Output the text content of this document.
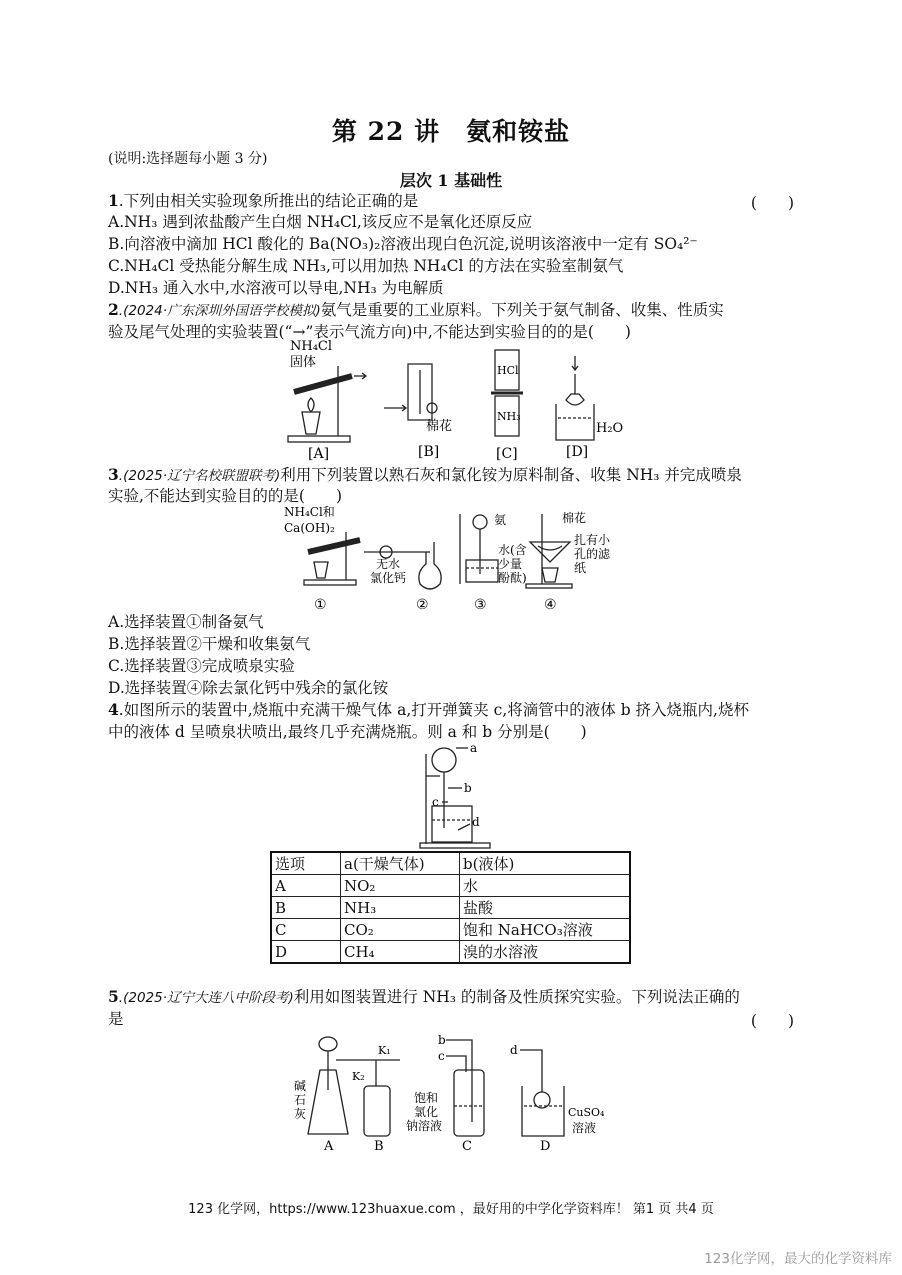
第 22 讲　氨和铵盐
(说明:选择题每小题 3 分)
层次 1 基础性
1.下列由相关实验现象所推出的结论正确的是	(　　)
A.NH₃ 遇到浓盐酸产生白烟 NH₄Cl,该反应不是氧化还原反应
B.向溶液中滴加 HCl 酸化的 Ba(NO₃)₂溶液出现白色沉淀,说明该溶液中一定有 SO₄²⁻
C.NH₄Cl 受热能分解生成 NH₃,可以用加热 NH₄Cl 的方法在实验室制氨气
D.NH₃ 通入水中,水溶液可以导电,NH₃ 为电解质
2.(2024·广东深圳外国语学校模拟)氨气是重要的工业原料。下列关于氨气制备、收集、性质实
验及尾气处理的实验装置(“→”表示气流方向)中,不能达到实验目的的是(　　)
NH₄Cl
固体
棉花
HCl
NH₃
H₂O
[A]	[B]	[C]	[D]
3.(2025·辽宁名校联盟联考)利用下列装置以熟石灰和氯化铵为原料制备、收集 NH₃ 并完成喷泉
实验,不能达到实验目的的是(　　)
NH₄Cl和
Ca(OH)₂
无水
氯化钙
氨
水(含
少量
酚酞)
棉花
扎有小
孔的滤
纸
①	②	③	④
A.选择装置①制备氨气
B.选择装置②干燥和收集氨气
C.选择装置③完成喷泉实验
D.选择装置④除去氯化钙中残余的氯化铵
4.如图所示的装置中,烧瓶中充满干燥气体 a,打开弹簧夹 c,将滴管中的液体 b 挤入烧瓶内,烧杯
中的液体 d 呈喷泉状喷出,最终几乎充满烧瓶。则 a 和 b 分别是(　　)
a
b
c
d
选项	a(干燥气体)	b(液体)
A	NO₂	水
B	NH₃	盐酸
C	CO₂	饱和 NaHCO₃溶液
D	CH₄	溴的水溶液
5.(2025·辽宁大连八中阶段考)利用如图装置进行 NH₃ 的制备及性质探究实验。下列说法正确的
是	(　　)
K₁
K₂
碱
石
灰
饱和
氯化
钠溶液
b
c	d
CuSO₄
溶液
A	B	C	D
123 化学网，https://www.123huaxue.com ，最好用的中学化学资料库！ 第1 页 共4 页
123化学网，最大的化学资料库
